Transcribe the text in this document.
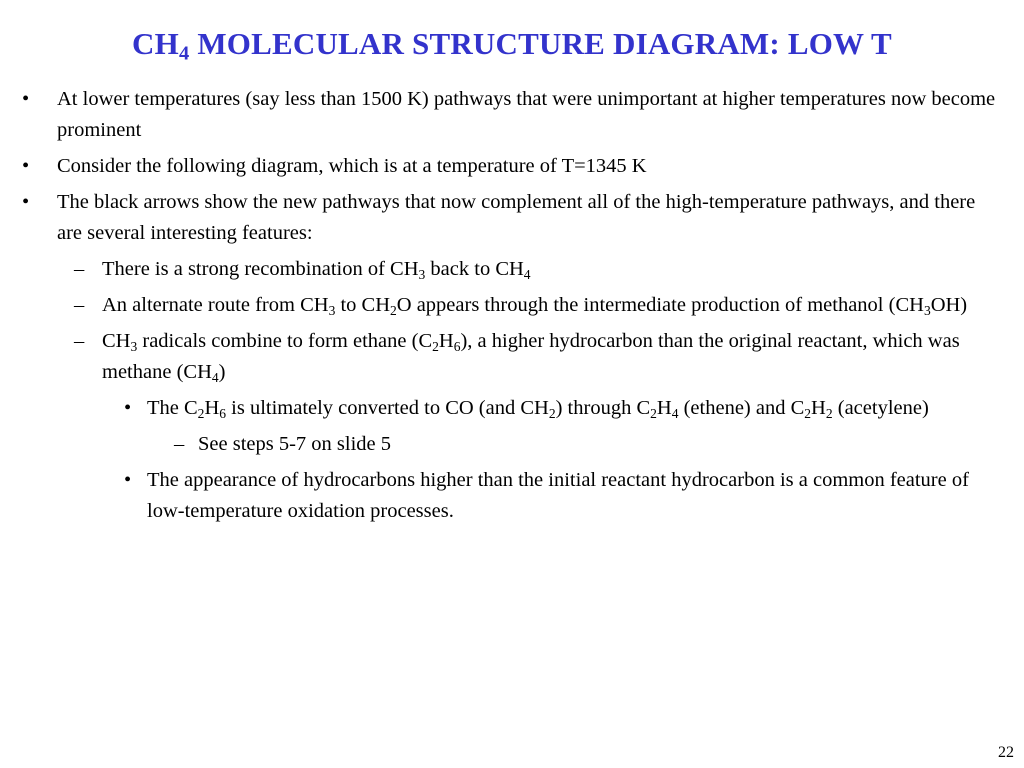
$CH_4$ MOLECULAR STRUCTURE DIAGRAM: LOW T
• At lower temperatures (say less than 1500 K) pathways that were unimportant at higher temperatures now become prominent
• Consider the following diagram, which is at a temperature of T=1345 K
• The black arrows show the new pathways that now complement all of the high-temperature pathways, and there are several interesting features:
– There is a strong recombination of $CH_3$ back to $CH_4$
– An alternate route from $CH_3$ to $CH_2O$ appears through the intermediate production of methanol $(CH_3OH)$
– $CH_3$ radicals combine to form ethane $(C_2H_6)$, a higher hydrocarbon than the original reactant, which was methane $(CH_4)$
• The $C_2H_6$ is ultimately converted to CO (and $CH_2$) through $C_2H_4$ (ethene) and $C_2H_2$ (acetylene)
– See steps 5-7 on slide 5
• The appearance of hydrocarbons higher than the initial reactant hydrocarbon is a common feature of low-temperature oxidation processes.
22
